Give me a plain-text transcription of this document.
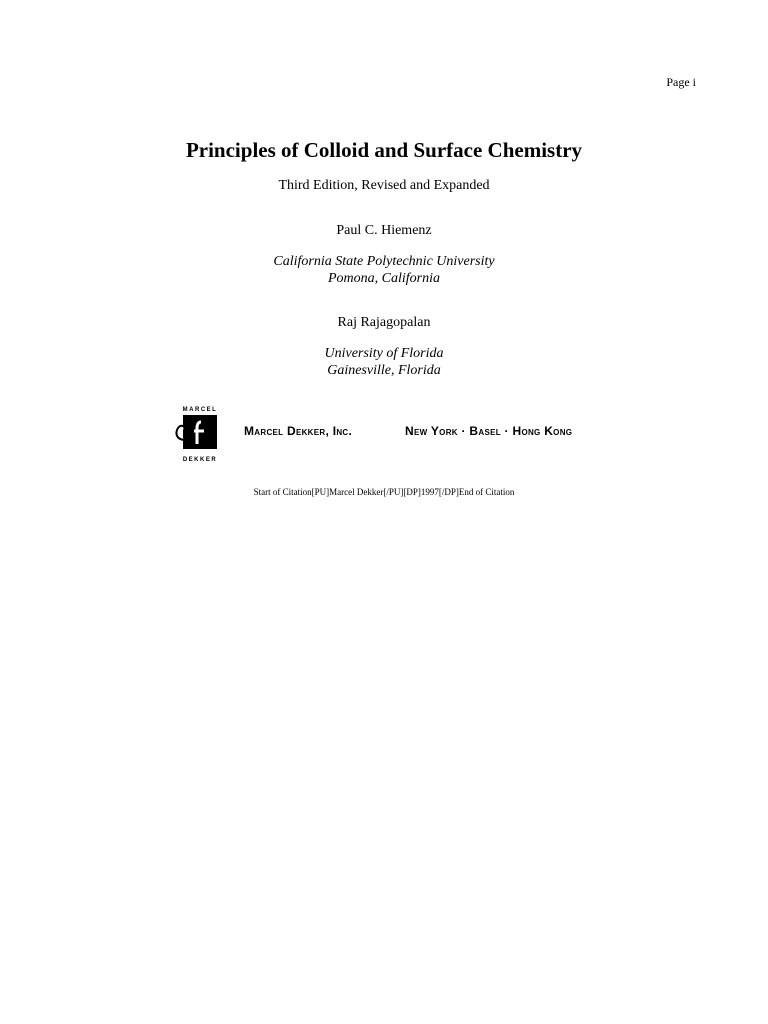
Page i
Principles of Colloid and Surface Chemistry
Third Edition, Revised and Expanded
Paul C. Hiemenz
California State Polytechnic University
Pomona, California
Raj Rajagopalan
University of Florida
Gainesville, Florida
MARCEL
DEKKER
Marcel Dekker, Inc.	New York · Basel · Hong Kong
Start of Citation[PU]Marcel Dekker[/PU][DP]1997[/DP]End of Citation
